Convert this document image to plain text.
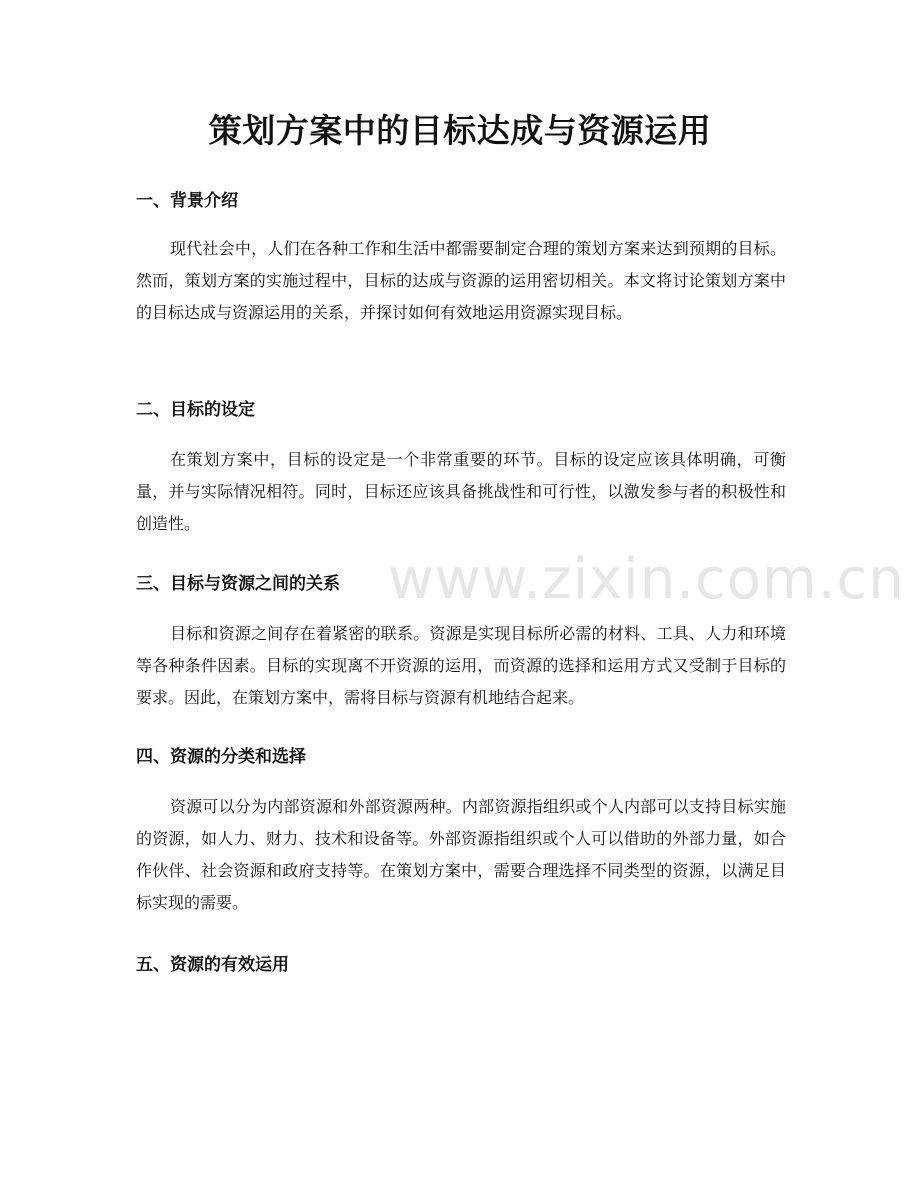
www.zixin.com.cn
策划方案中的目标达成与资源运用
一、背景介绍

现代社会中，人们在各种工作和生活中都需要制定合理的策划方案来达到预期的目标。然而，策划方案的实施过程中，目标的达成与资源的运用密切相关。本文将讨论策划方案中的目标达成与资源运用的关系，并探讨如何有效地运用资源实现目标。

二、目标的设定

在策划方案中，目标的设定是一个非常重要的环节。目标的设定应该具体明确，可衡量，并与实际情况相符。同时，目标还应该具备挑战性和可行性，以激发参与者的积极性和创造性。

三、目标与资源之间的关系

目标和资源之间存在着紧密的联系。资源是实现目标所必需的材料、工具、人力和环境等各种条件因素。目标的实现离不开资源的运用，而资源的选择和运用方式又受制于目标的要求。因此，在策划方案中，需将目标与资源有机地结合起来。

四、资源的分类和选择

资源可以分为内部资源和外部资源两种。内部资源指组织或个人内部可以支持目标实施的资源，如人力、财力、技术和设备等。外部资源指组织或个人可以借助的外部力量，如合作伙伴、社会资源和政府支持等。在策划方案中，需要合理选择不同类型的资源，以满足目标实现的需要。

五、资源的有效运用
